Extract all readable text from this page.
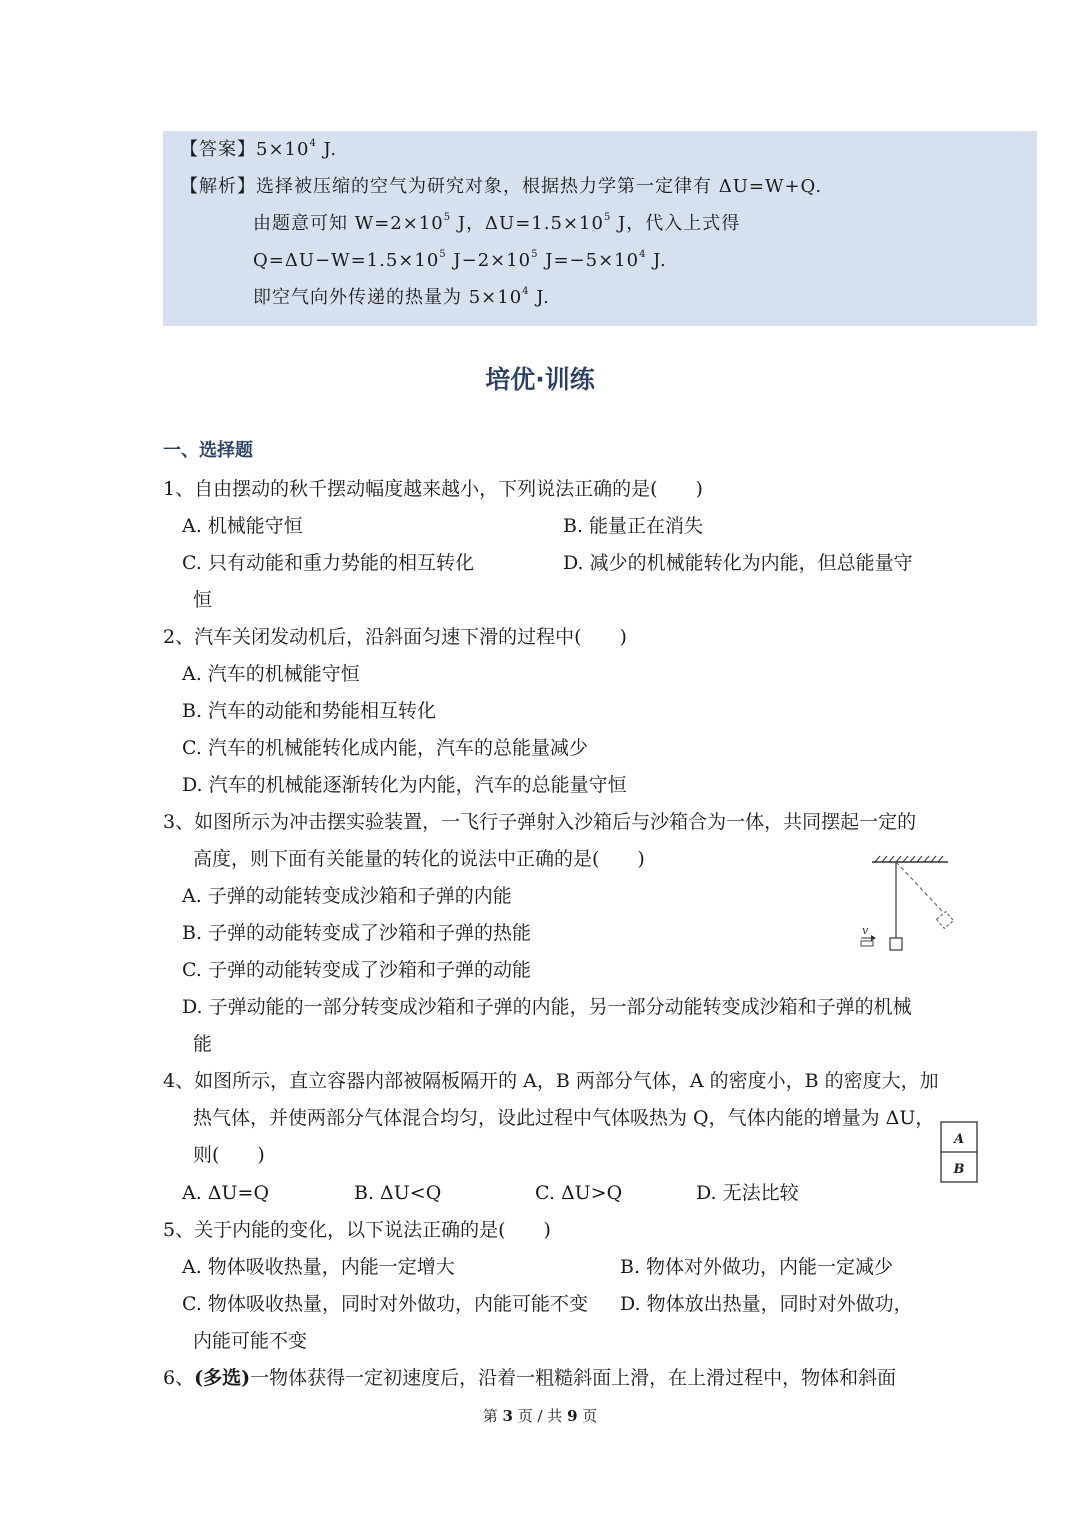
【答案】$5\times 10^4$ J.
【解析】选择被压缩的空气为研究对象，根据热力学第一定律有 ΔU=W+Q.
由题意可知 $W=2\times 10^5$ J，$\Delta U=1.5\times 10^5$ J，代入上式得
$Q=\Delta U-W=1.5\times 10^5$ $J-2\times 10^5$ $J=-5\times 10^4$ J.
即空气向外传递的热量为 $5\times 10^4$ J.
培优·训练
一、选择题
1、自由摆动的秋千摆动幅度越来越小，下列说法正确的是(　　)
A. 机械能守恒	B. 能量正在消失
C. 只有动能和重力势能的相互转化	D. 减少的机械能转化为内能，但总能量守
恒
2、汽车关闭发动机后，沿斜面匀速下滑的过程中(　　)
A. 汽车的机械能守恒
B. 汽车的动能和势能相互转化
C. 汽车的机械能转化成内能，汽车的总能量减少
D. 汽车的机械能逐渐转化为内能，汽车的总能量守恒
3、如图所示为冲击摆实验装置，一飞行子弹射入沙箱后与沙箱合为一体，共同摆起一定的
高度，则下面有关能量的转化的说法中正确的是(　　)
A. 子弹的动能转变成沙箱和子弹的内能
B. 子弹的动能转变成了沙箱和子弹的热能
C. 子弹的动能转变成了沙箱和子弹的动能
D. 子弹动能的一部分转变成沙箱和子弹的内能，另一部分动能转变成沙箱和子弹的机械
能
v
4、如图所示，直立容器内部被隔板隔开的 A，B 两部分气体，A 的密度小，B 的密度大，加
热气体，并使两部分气体混合均匀，设此过程中气体吸热为 Q，气体内能的增量为 ΔU，
则(　　)
A. ΔU=Q	B. ΔU<Q	C. ΔU>Q	D. 无法比较
A
B
5、关于内能的变化，以下说法正确的是(　　)
A. 物体吸收热量，内能一定增大	B. 物体对外做功，内能一定减少
C. 物体吸收热量，同时对外做功，内能可能不变 D. 物体放出热量，同时对外做功，
内能可能不变
6、(多选)一物体获得一定初速度后，沿着一粗糙斜面上滑，在上滑过程中，物体和斜面
第 3 页 / 共 9 页
